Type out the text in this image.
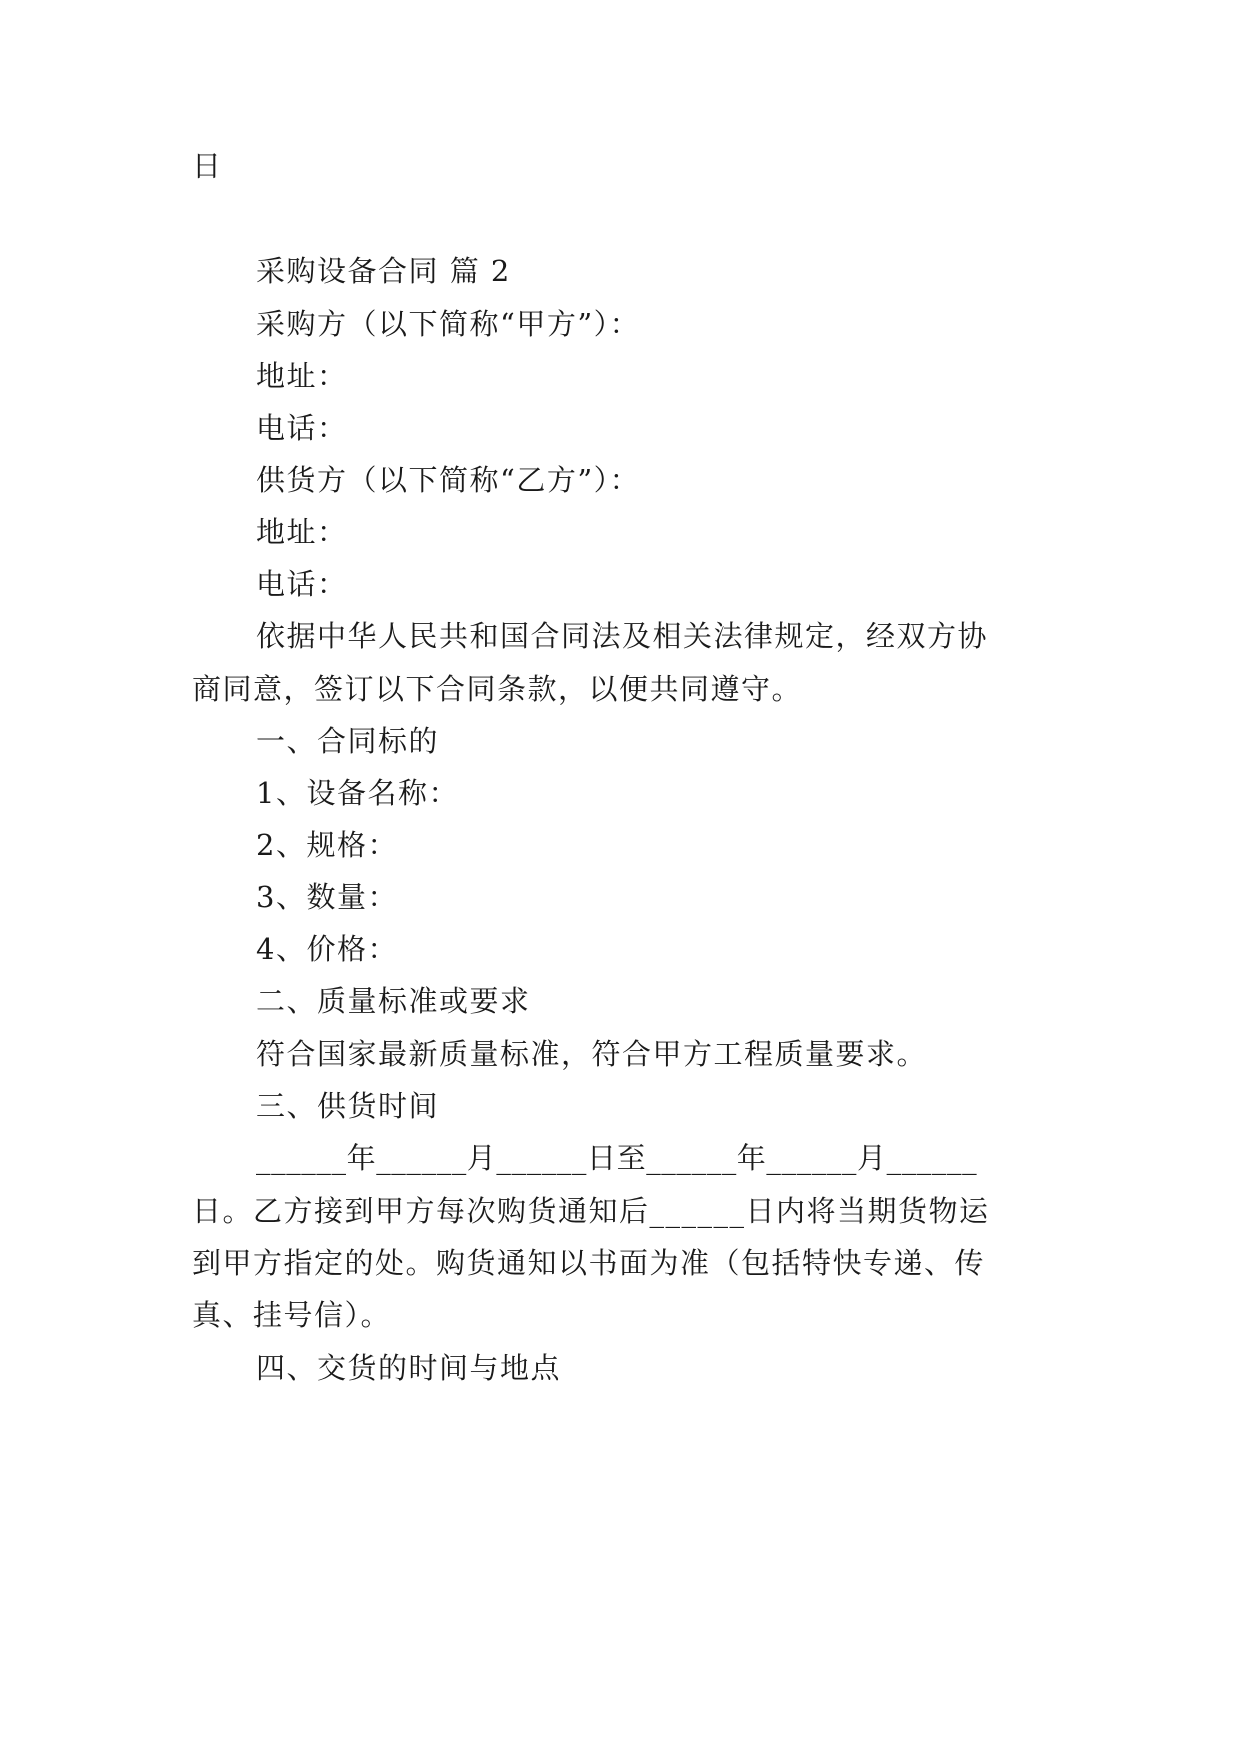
日
采购设备合同 篇 2
采购方（以下简称“甲方”）：
地址：
电话：
供货方（以下简称“乙方”）：
地址：
电话：
依据中华人民共和国合同法及相关法律规定，经双方协
商同意，签订以下合同条款，以便共同遵守。
一、合同标的
1、设备名称：
2、规格：
3、数量：
4、价格：
二、质量标准或要求
符合国家最新质量标准，符合甲方工程质量要求。
三、供货时间
______年______月______日至______年______月______
日。乙方接到甲方每次购货通知后______日内将当期货物运
到甲方指定的处。购货通知以书面为准（包括特快专递、传
真、挂号信）。
四、交货的时间与地点
